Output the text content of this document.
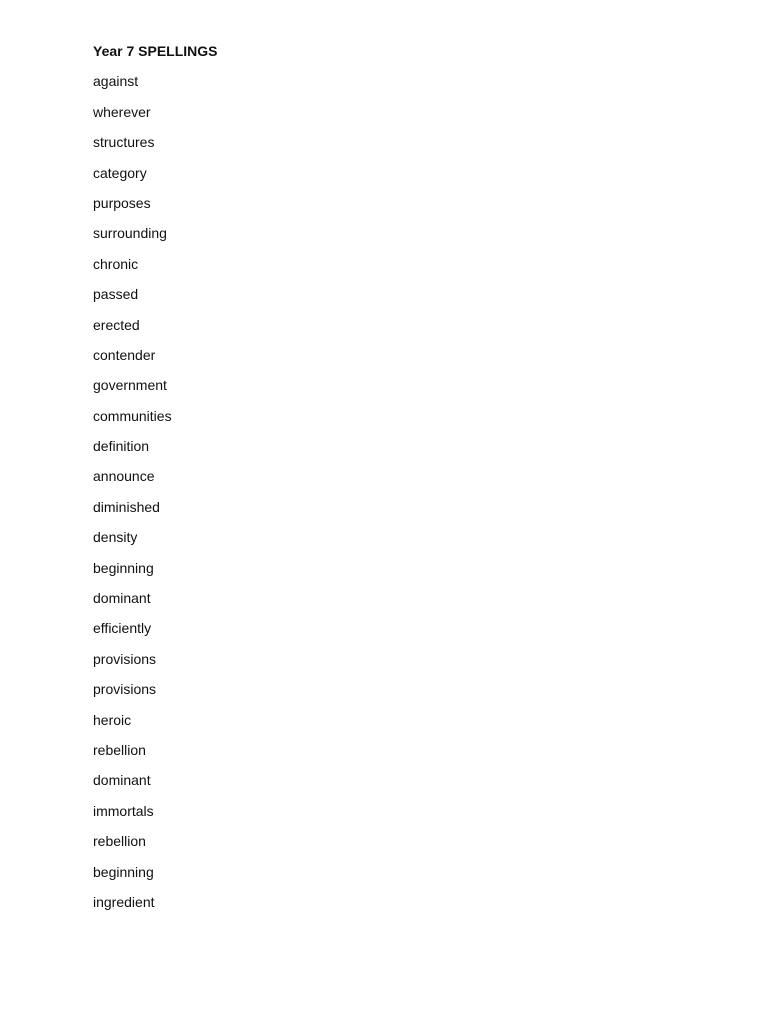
Year 7 SPELLINGS
against
wherever
structures
category
purposes
surrounding
chronic
passed
erected
contender
government
communities
definition
announce
diminished
density
beginning
dominant
efficiently
provisions
provisions
heroic
rebellion
dominant
immortals
rebellion
beginning
ingredient
